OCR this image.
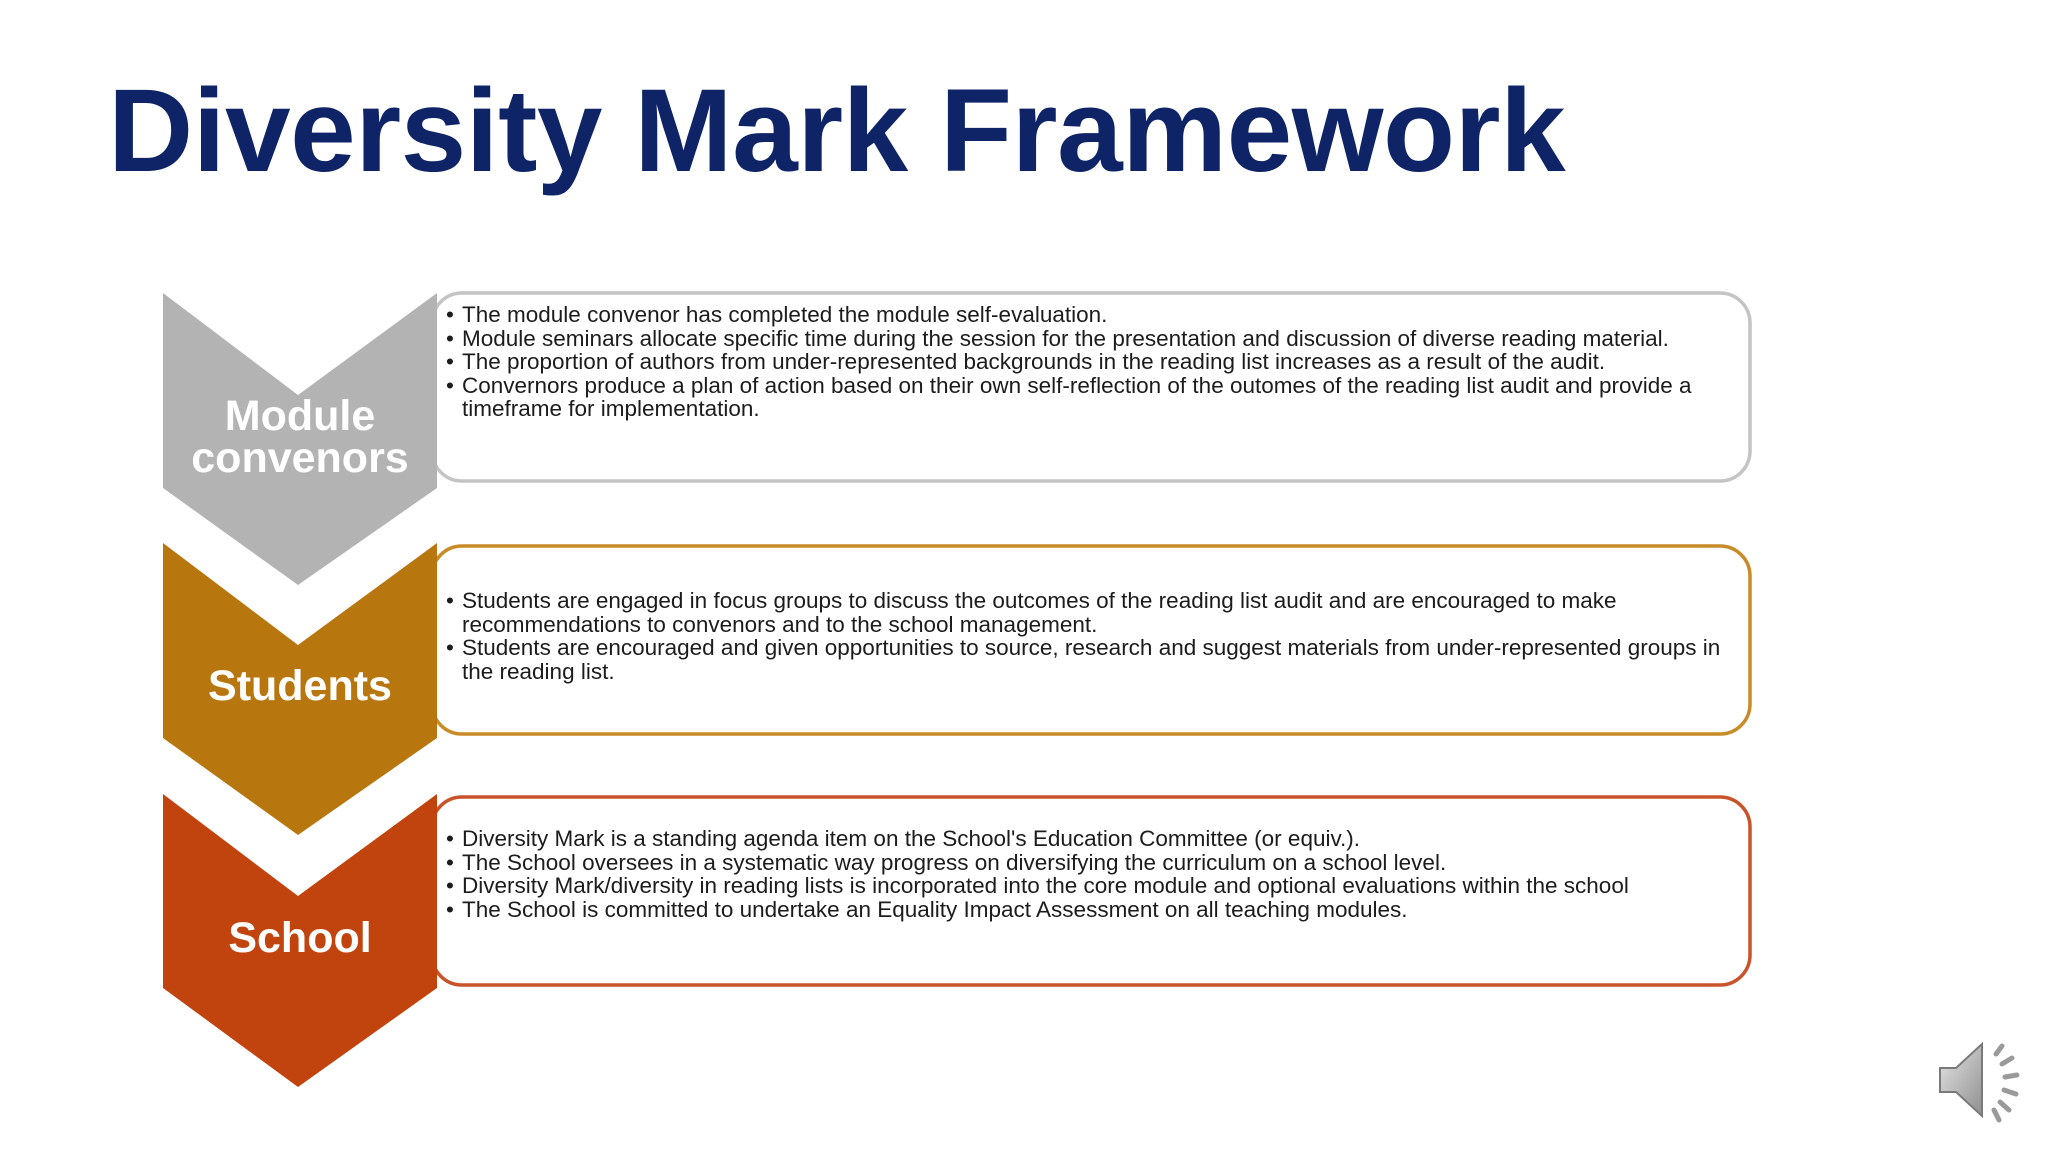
Diversity Mark Framework
Module
convenors
Students
School
• The module convenor has completed the module self-evaluation.
• Module seminars allocate specific time during the session for the presentation and discussion of diverse reading material.
• The proportion of authors from under-represented backgrounds in the reading list increases as a result of the audit.
• Convernors produce a plan of action based on their own self-reflection of the outomes of the reading list audit and provide a timeframe for implementation.
• Students are engaged in focus groups to discuss the outcomes of the reading list audit and are encouraged to make recommendations to convenors and to the school management.
• Students are encouraged and given opportunities to source, research and suggest materials from under-represented groups in the reading list.
• Diversity Mark is a standing agenda item on the School's Education Committee (or equiv.).
• The School oversees in a systematic way progress on diversifying the curriculum on a school level.
• Diversity Mark/diversity in reading lists is incorporated into the core module and optional evaluations within the school
• The School is committed to undertake an Equality Impact Assessment on all teaching modules.
